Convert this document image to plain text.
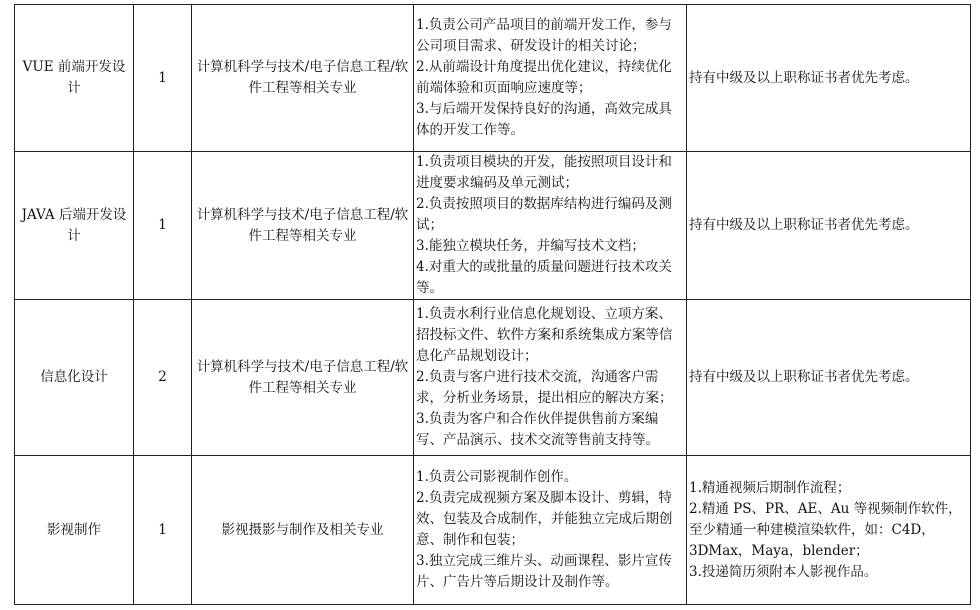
VUE 前端开发设计	1	计算机科学与技术/电子信息工程/软件工程等相关专业	1.负责公司产品项目的前端开发工作，参与公司项目需求、研发设计的相关讨论；
2.从前端设计角度提出优化建议，持续优化前端体验和页面响应速度等；
3.与后端开发保持良好的沟通，高效完成具体的开发工作等。	持有中级及以上职称证书者优先考虑。

JAVA 后端开发设计	1	计算机科学与技术/电子信息工程/软件工程等相关专业	1.负责项目模块的开发，能按照项目设计和进度要求编码及单元测试；
2.负责按照项目的数据库结构进行编码及测试；
3.能独立模块任务，并编写技术文档；
4.对重大的或批量的质量问题进行技术攻关等。	持有中级及以上职称证书者优先考虑。

信息化设计	2	计算机科学与技术/电子信息工程/软件工程等相关专业	1.负责水利行业信息化规划设、立项方案、招投标文件、软件方案和系统集成方案等信息化产品规划设计；
2.负责与客户进行技术交流，沟通客户需求，分析业务场景，提出相应的解决方案；
3.负责为客户和合作伙伴提供售前方案编写、产品演示、技术交流等售前支持等。	持有中级及以上职称证书者优先考虑。

影视制作	1	影视摄影与制作及相关专业	1.负责公司影视制作创作。
2.负责完成视频方案及脚本设计、剪辑，特效、包装及合成制作，并能独立完成后期创意、制作和包装；
3.独立完成三维片头、动画课程、影片宣传片、广告片等后期设计及制作等。	1.精通视频后期制作流程；
2.精通 PS、PR、AE、Au 等视频制作软件，至少精通一种建模渲染软件，如：C4D，3DMax，Maya，blender；
3.投递简历须附本人影视作品。
